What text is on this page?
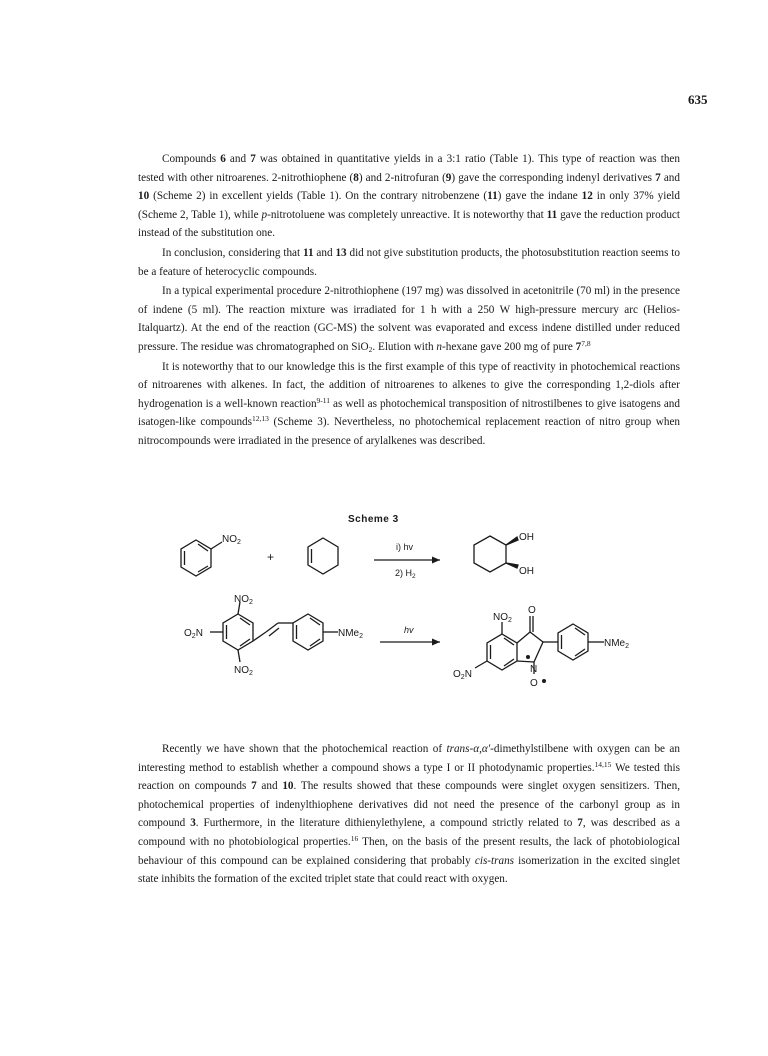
635

Compounds 6 and 7 was obtained in quantitative yields in a 3:1 ratio (Table 1). This type of reaction was then tested with other nitroarenes. 2-nitrothiophene (8) and 2-nitrofuran (9) gave the corresponding indenyl derivatives 7 and 10 (Scheme 2) in excellent yields (Table 1). On the contrary nitrobenzene (11) gave the indane 12 in only 37% yield (Scheme 2, Table 1), while p-nitrotoluene was completely unreactive. It is noteworthy that 11 gave the reduction product instead of the substitution one.

In conclusion, considering that 11 and 13 did not give substitution products, the photosubstitution reaction seems to be a feature of heterocyclic compounds.

In a typical experimental procedure 2-nitrothiophene (197 mg) was dissolved in acetonitrile (70 ml) in the presence of indene (5 ml). The reaction mixture was irradiated for 1 h with a 250 W high-pressure mercury arc (Helios-Italquartz). At the end of the reaction (GC-MS) the solvent was evaporated and excess indene distilled under reduced pressure. The residue was chromatographed on SiO$_2$. Elution with n-hexane gave 200 mg of pure 7$^{7,8}$

It is noteworthy that to our knowledge this is the first example of this type of reactivity in photochemical reactions of nitroarenes with alkenes. In fact, the addition of nitroarenes to alkenes to give the corresponding 1,2-diols after hydrogenation is a well-known reaction$^{9-11}$ as well as photochemical transposition of nitrostilbenes to give isatogens and isatogen-like compounds$^{12,13}$ (Scheme 3). Nevertheless, no photochemical replacement reaction of nitro group when nitrocompounds were irradiated in the presence of arylalkenes was described.

Scheme 3
$NO_2$
+
i) hv
2) $H_2$
OH
OH
$O_2N$
$NO_2$
$NO_2$
NMe$_2$
hv
$NO_2$
O
N
O
$O_2N$
NMe$_2$

Recently we have shown that the photochemical reaction of trans-α,α'-dimethylstilbene with oxygen can be an interesting method to establish whether a compound shows a type I or II photodynamic properties.$^{14,15}$ We tested this reaction on compounds 7 and 10. The results showed that these compounds were singlet oxygen sensitizers. Then, photochemical properties of indenylthiophene derivatives did not need the presence of the carbonyl group as in compound 3. Furthermore, in the literature dithienylethylene, a compound strictly related to 7, was described as a compound with no photobiological properties.$^{16}$ Then, on the basis of the present results, the lack of photobiological behaviour of this compound can be explained considering that probably cis-trans isomerization in the excited singlet state inhibits the formation of the excited triplet state that could react with oxygen.
